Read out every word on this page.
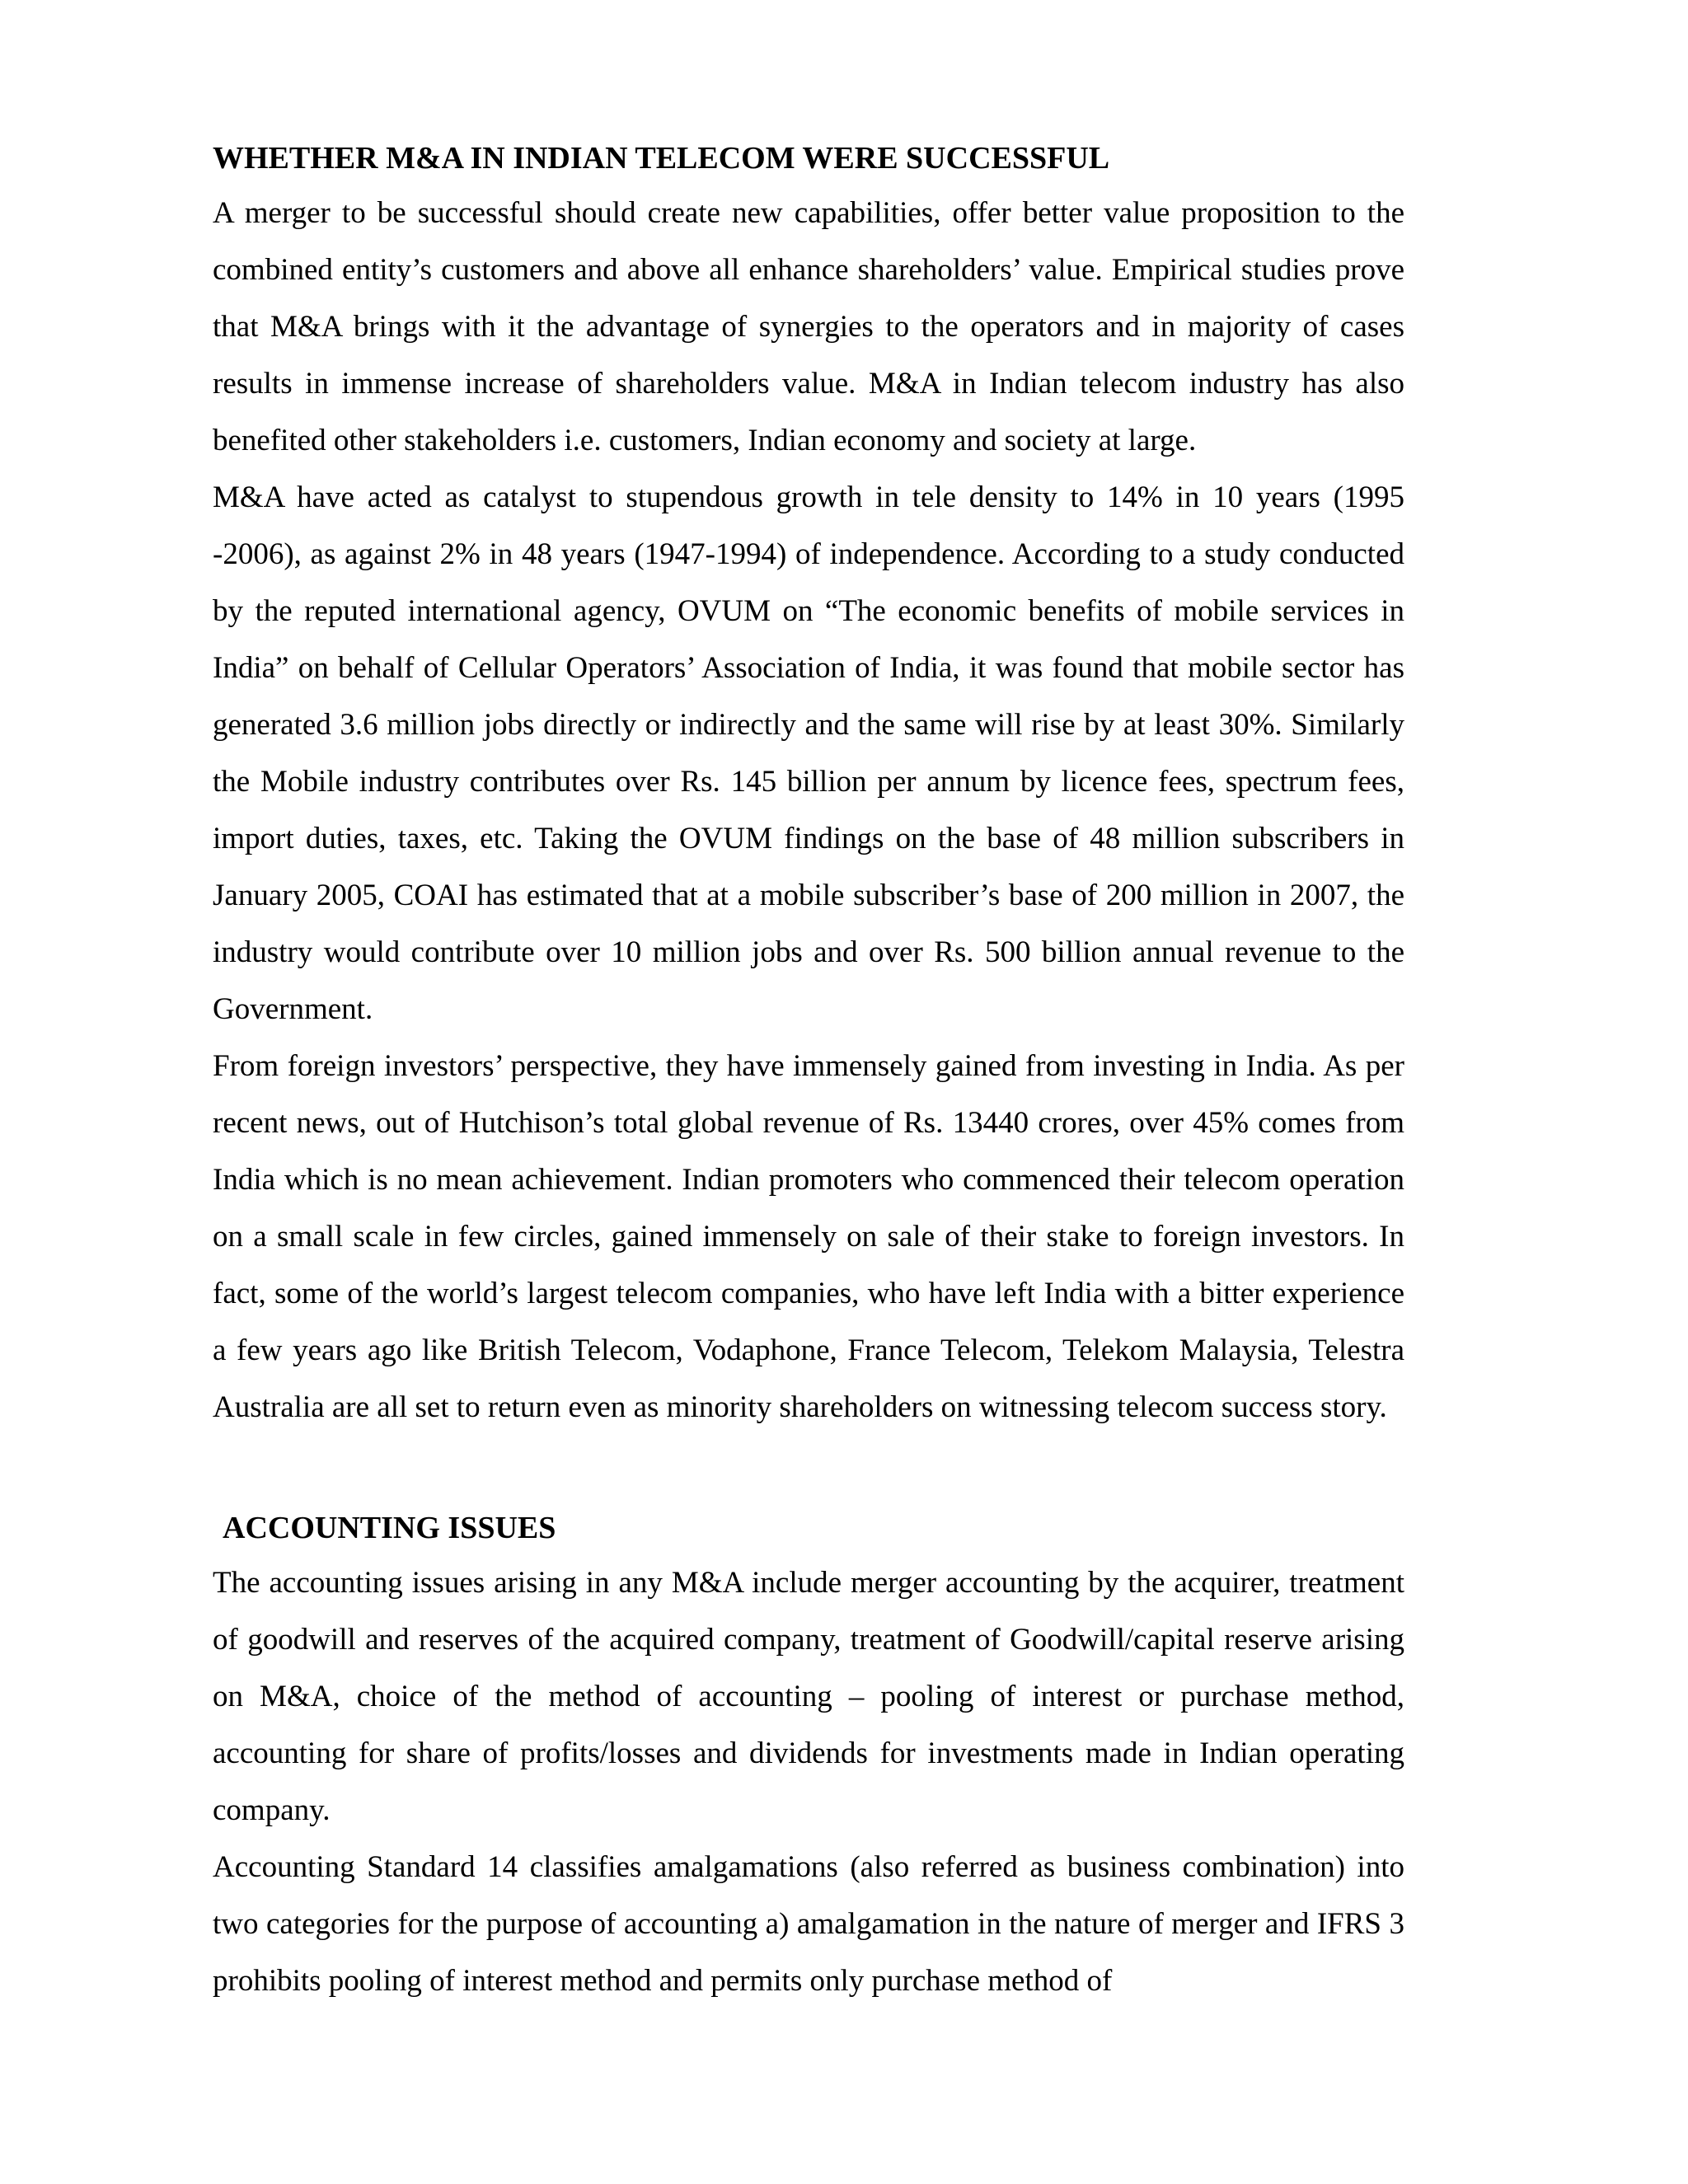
WHETHER M&A IN INDIAN TELECOM WERE SUCCESSFUL

A merger to be successful should create new capabilities, offer better value proposition to the combined entity’s customers and above all enhance shareholders’ value. Empirical studies prove that M&A brings with it the advantage of synergies to the operators and in majority of cases results in immense increase of shareholders value. M&A in Indian telecom industry has also benefited other stakeholders i.e. customers, Indian economy and society at large.

M&A have acted as catalyst to stupendous growth in tele density to 14% in 10 years (1995 -2006), as against 2% in 48 years (1947-1994) of independence. According to a study conducted by the reputed international agency, OVUM on “The economic benefits of mobile services in India” on behalf of Cellular Operators’ Association of India, it was found that mobile sector has generated 3.6 million jobs directly or indirectly and the same will rise by at least 30%. Similarly the Mobile industry contributes over Rs. 145 billion per annum by licence fees, spectrum fees, import duties, taxes, etc. Taking the OVUM findings on the base of 48 million subscribers in January 2005, COAI has estimated that at a mobile subscriber’s base of 200 million in 2007, the industry would contribute over 10 million jobs and over Rs. 500 billion annual revenue to the Government.

From foreign investors’ perspective, they have immensely gained from investing in India. As per recent news, out of Hutchison’s total global revenue of Rs. 13440 crores, over 45% comes from India which is no mean achievement. Indian promoters who commenced their telecom operation on a small scale in few circles, gained immensely on sale of their stake to foreign investors. In fact, some of the world’s largest telecom companies, who have left India with a bitter experience a few years ago like British Telecom, Vodaphone, France Telecom, Telekom Malaysia, Telestra Australia are all set to return even as minority shareholders on witnessing telecom success story.

ACCOUNTING ISSUES

The accounting issues arising in any M&A include merger accounting by the acquirer, treatment of goodwill and reserves of the acquired company, treatment of Goodwill/capital reserve arising on M&A, choice of the method of accounting – pooling of interest or purchase method, accounting for share of profits/losses and dividends for investments made in Indian operating company.

Accounting Standard 14 classifies amalgamations (also referred as business combination) into two categories for the purpose of accounting a) amalgamation in the nature of merger and IFRS 3 prohibits pooling of interest method and permits only purchase method of
